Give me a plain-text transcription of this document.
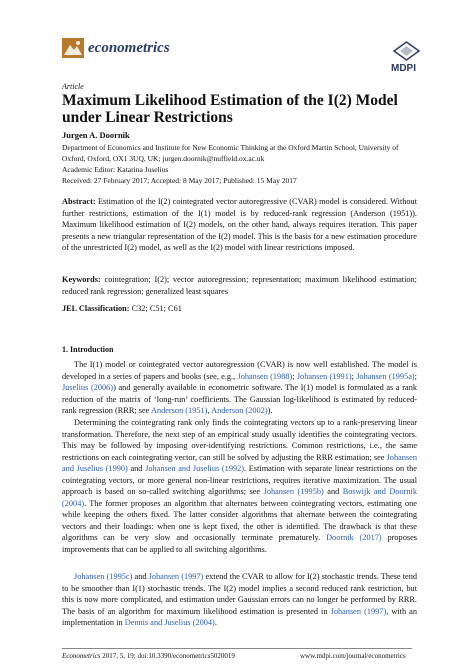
econometrics
MDPI
Article
Maximum Likelihood Estimation of the I(2) Model under Linear Restrictions
Jurgen A. Doornik
Department of Economics and Institute for New Economic Thinking at the Oxford Martin School, University of Oxford, Oxford, OX1 3UQ, UK; jurgen.doornik@nuffield.ox.ac.uk
Academic Editor: Katarina Juselius
Received: 27 February 2017; Accepted: 8 May 2017; Published: 15 May 2017
Abstract: Estimation of the I(2) cointegrated vector autoregressive (CVAR) model is considered. Without further restrictions, estimation of the I(1) model is by reduced-rank regression (Anderson (1951)). Maximum likelihood estimation of I(2) models, on the other hand, always requires iteration. This paper presents a new triangular representation of the I(2) model. This is the basis for a new estimation procedure of the unrestricted I(2) model, as well as the I(2) model with linear restrictions imposed.
Keywords: cointegration; I(2); vector autoregression; representation; maximum likelihood estimation; reduced rank regression; generalized least squares
JEL Classification: C32; C51; C61
1. Introduction
The I(1) model or cointegrated vector autoregression (CVAR) is now well established. The model is developed in a series of papers and books (see, e.g., Johansen (1988); Johansen (1991); Johansen (1995a); Juselius (2006)) and generally available in econometric software. The I(1) model is formulated as a rank reduction of the matrix of ‘long-run’ coefficients. The Gaussian log-likelihood is estimated by reduced-rank regression (RRR; see Anderson (1951), Anderson (2002)).
Determining the cointegrating rank only finds the cointegrating vectors up to a rank-preserving linear transformation. Therefore, the next step of an empirical study usually identifies the cointegrating vectors. This may be followed by imposing over-identifying restrictions. Common restrictions, i.e., the same restrictions on each cointegrating vector, can still be solved by adjusting the RRR estimation; see Johansen and Juselius (1990) and Johansen and Juselius (1992). Estimation with separate linear restrictions on the cointegrating vectors, or more general non-linear restrictions, requires iterative maximization. The usual approach is based on so-called switching algorithms; see Johansen (1995b) and Boswijk and Doornik (2004). The former proposes an algorithm that alternates between cointegrating vectors, estimating one while keeping the others fixed. The latter consider algorithms that alternate between the cointegrating vectors and their loadings: when one is kept fixed, the other is identified. The drawback is that these algorithms can be very slow and occasionally terminate prematurely. Doornik (2017) proposes improvements that can be applied to all switching algorithms.
Johansen (1995c) and Johansen (1997) extend the CVAR to allow for I(2) stochastic trends. These tend to be smoother than I(1) stochastic trends. The I(2) model implies a second reduced rank restriction, but this is now more complicated, and estimation under Gaussian errors can no longer be performed by RRR. The basis of an algorithm for maximum likelihood estimation is presented in Johansen (1997), with an implementation in Dennis and Juselius (2004).
Econometrics 2017, 5, 19; doi:10.3390/econometrics5020019	www.mdpi.com/journal/econometrics
